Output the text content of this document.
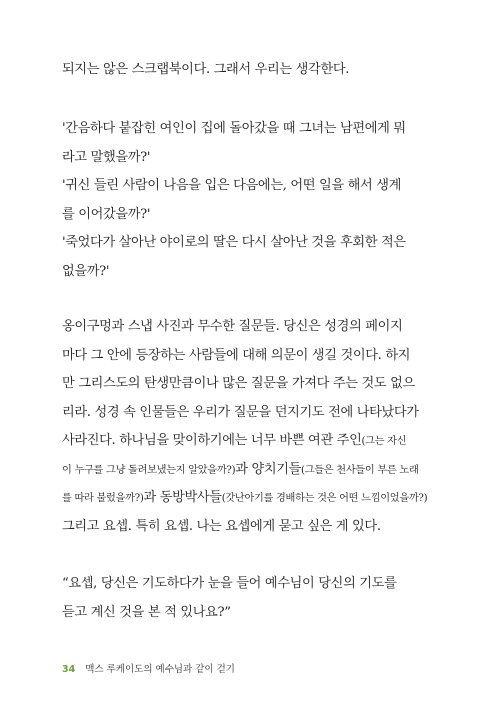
되지는 않은 스크랩북이다. 그래서 우리는 생각한다.
'간음하다 붙잡힌 여인이 집에 돌아갔을 때 그녀는 남편에게 뭐
라고 말했을까?'
'귀신 들린 사람이 나음을 입은 다음에는, 어떤 일을 해서 생계
를 이어갔을까?'
'죽었다가 살아난 야이로의 딸은 다시 살아난 것을 후회한 적은
없을까?'
옹이구멍과 스냅 사진과 무수한 질문들. 당신은 성경의 페이지
마다 그 안에 등장하는 사람들에 대해 의문이 생길 것이다. 하지
만 그리스도의 탄생만큼이나 많은 질문을 가져다 주는 것도 없으
리라. 성경 속 인물들은 우리가 질문을 던지기도 전에 나타났다가
사라진다. 하나님을 맞이하기에는 너무 바쁜 여관 주인(그는 자신
이 누구를 그냥 돌려보냈는지 알았을까?)과 양치기들(그들은 천사들이 부른 노래
를 따라 불렀을까?)과 동방박사들(갓난아기를 경배하는 것은 어떤 느낌이었을까?)
그리고 요셉. 특히 요셉. 나는 요셉에게 묻고 싶은 게 있다.
“요셉, 당신은 기도하다가 눈을 들어 예수님이 당신의 기도를
듣고 계신 것을 본 적 있나요?”
34 맥스 루케이도의 예수님과 같이 걷기
